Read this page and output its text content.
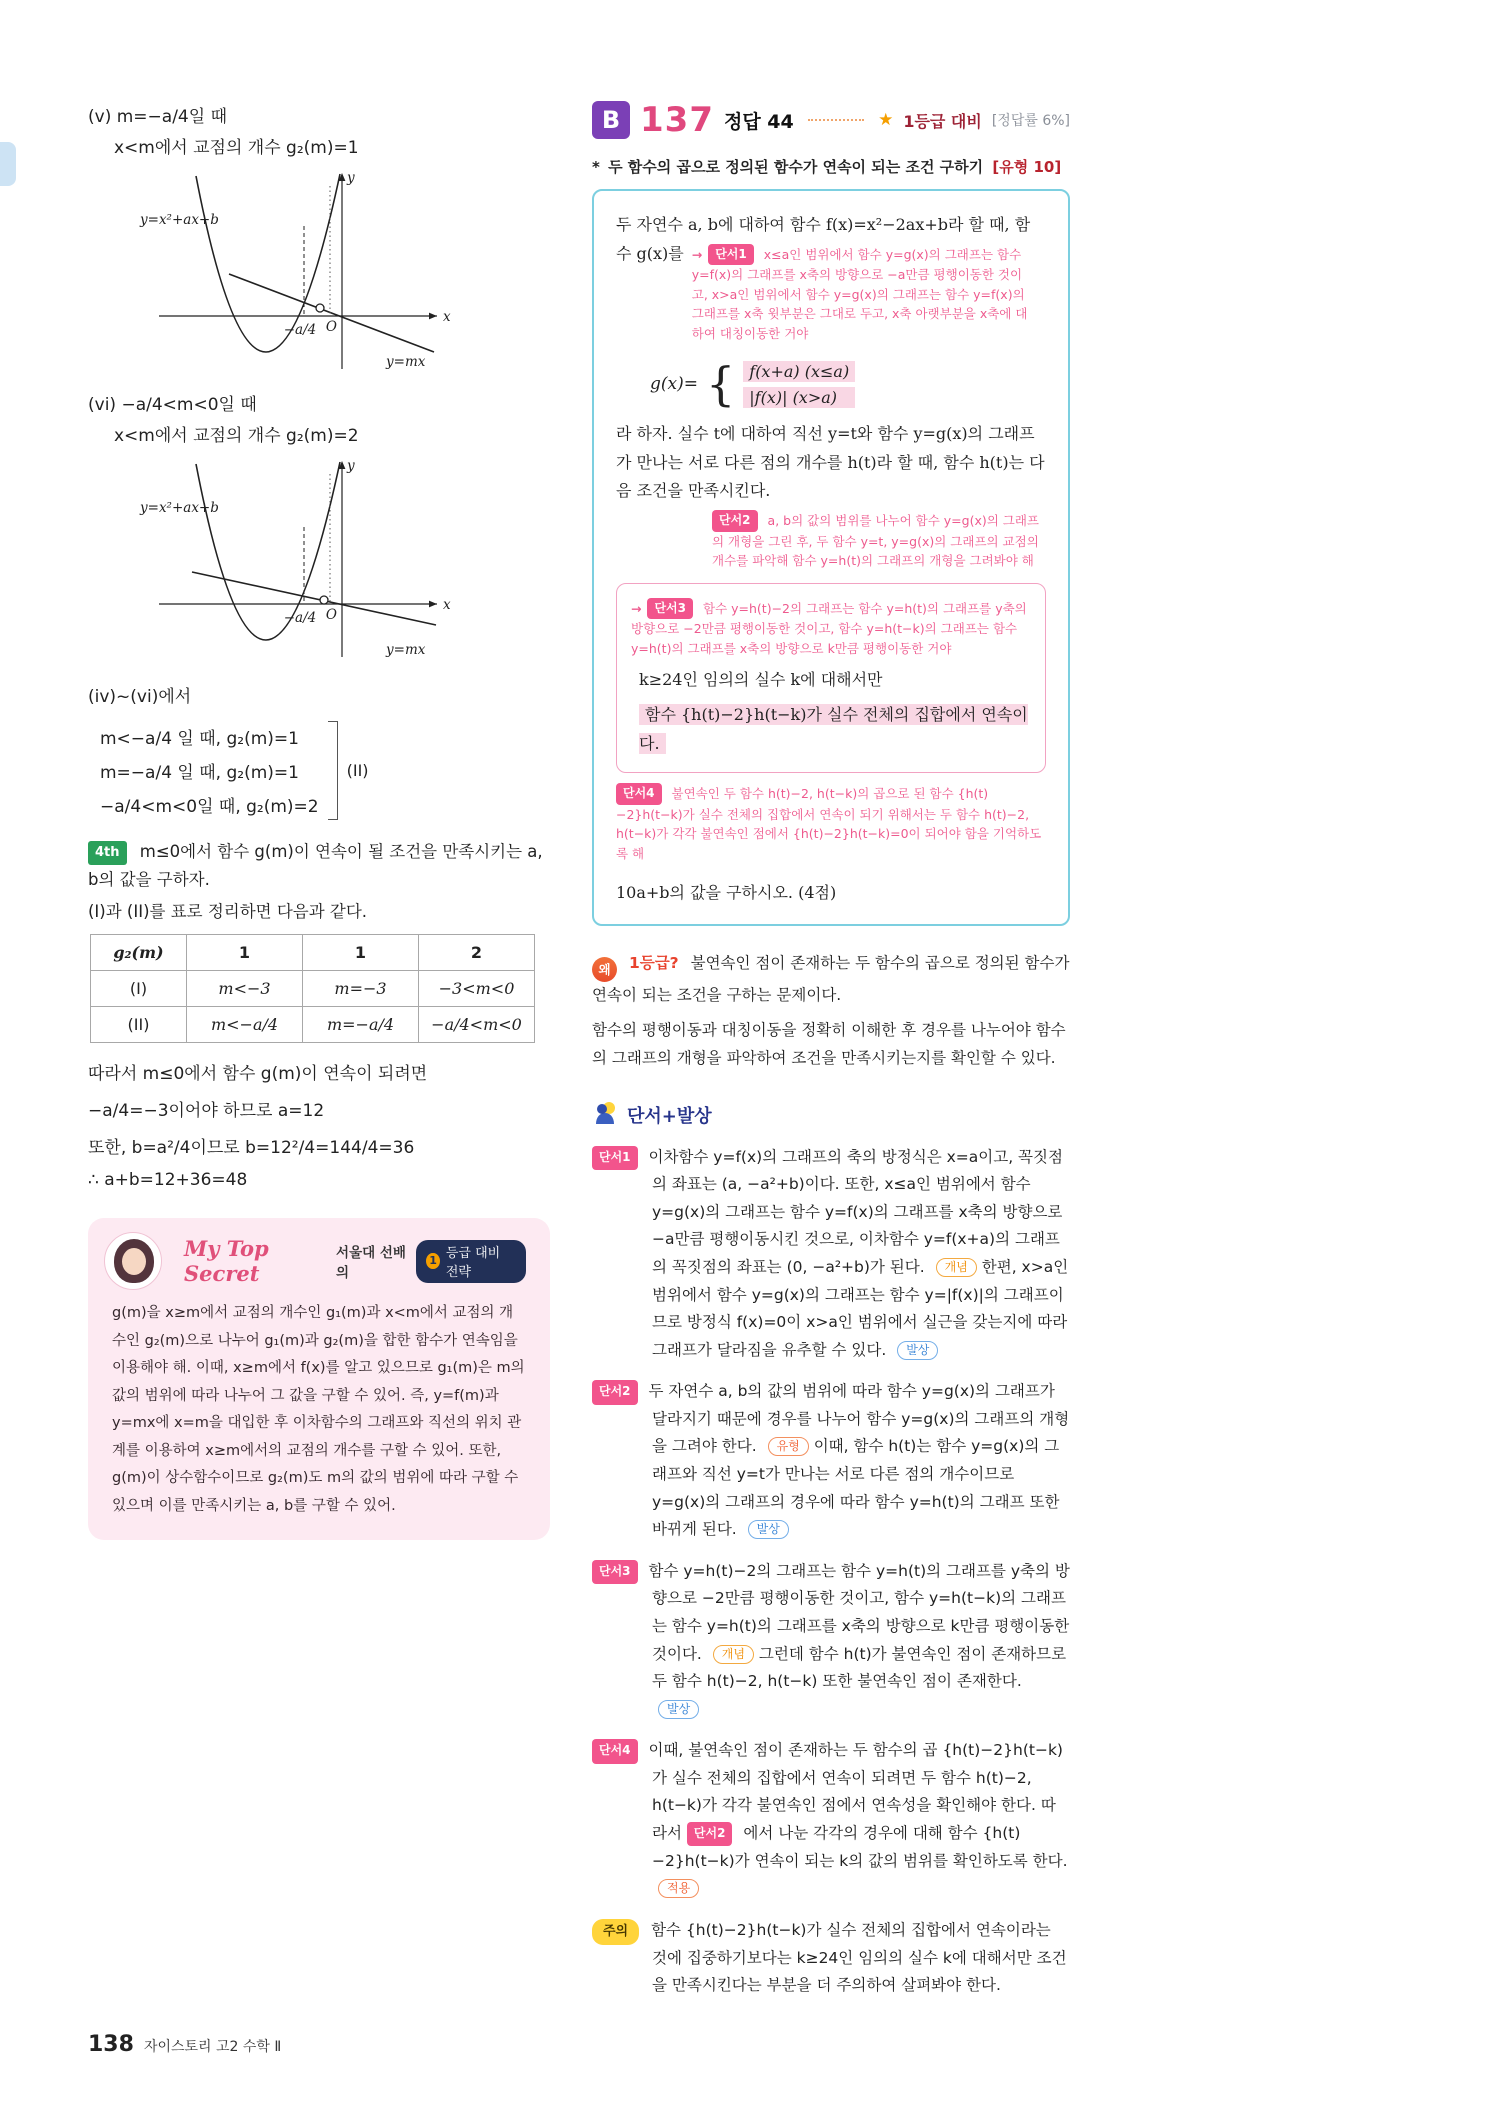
(v) m=−a/4일 때
x<m에서 교점의 개수 g₂(m)=1
y
x
O
−a/4
y=x²+ax+b
y=mx
(vi) −a/4<m<0일 때
x<m에서 교점의 개수 g₂(m)=2
y
x
O
−a/4
y=x²+ax+b
y=mx
(iv)~(vi)에서
m<−a/4 일 때, g₂(m)=1
m=−a/4 일 때, g₂(m)=1
−a/4<m<0일 때, g₂(m)=2
(II)

4th m≤0에서 함수 g(m)이 연속이 될 조건을 만족시키는 a, b의 값을 구하자.

(I)과 (II)를 표로 정리하면 다음과 같다.
g₂(m)	1	1	2
(I)	m<−3	m=−3	−3<m<0
(II)	m<−a/4	m=−a/4	−a/4<m<0
따라서 m≤0에서 함수 g(m)이 연속이 되려면
−a/4=−3이어야 하므로 a=12
또한, b=a²/4이므로 b=12²/4=144/4=36
∴ a+b=12+36=48
My Top Secret
서울대 선배의
1 등급 대비 전략

g(m)을 x≥m에서 교점의 개수인 g₁(m)과 x<m에서 교점의 개수인 g₂(m)으로 나누어 g₁(m)과 g₂(m)을 합한 함수가 연속임을 이용해야 해. 이때, x≥m에서 f(x)를 알고 있으므로 g₁(m)은 m의 값의 범위에 따라 나누어 그 값을 구할 수 있어. 즉, y=f(m)과 y=mx에 x=m을 대입한 후 이차함수의 그래프와 직선의 위치 관계를 이용하여 x≥m에서의 교점의 개수를 구할 수 있어. 또한, g(m)이 상수함수이므로 g₂(m)도 m의 값의 범위에 따라 구할 수 있으며 이를 만족시키는 a, b를 구할 수 있어.

B 137 정답 44	★ 1등급 대비 [정답률 6%]
* 두 함수의 곱으로 정의된 함수가 연속이 되는 조건 구하기 [유형 10]

두 자연수 a, b에 대하여 함수 f(x)=x²−2ax+b라 할 때, 함

수 g(x)를 → 단서1 x≤a인 범위에서 함수 y=g(x)의 그래프는 함수 y=f(x)의 그래프를 x축의 방향으로 −a만큼 평행이동한 것이고, x>a인 범위에서 함수 y=g(x)의 그래프는 함수 y=f(x)의 그래프를 x축 윗부분은 그대로 두고, x축 아랫부분을 x축에 대하여 대칭이동한 거야
g(x)= { f(x+a) (x≤a)
|f(x)| (x>a)

라 하자. 실수 t에 대하여 직선 y=t와 함수 y=g(x)의 그래프가 만나는 서로 다른 점의 개수를 h(t)라 할 때, 함수 h(t)는 다음 조건을 만족시킨다.

단서2 a, b의 값의 범위를 나누어 함수 y=g(x)의 그래프의 개형을 그린 후, 두 함수 y=t, y=g(x)의 그래프의 교점의 개수를 파악해 함수 y=h(t)의 그래프의 개형을 그려봐야 해
→ 단서3 함수 y=h(t)−2의 그래프는 함수 y=h(t)의 그래프를 y축의 방향으로 −2만큼 평행이동한 것이고, 함수 y=h(t−k)의 그래프는 함수 y=h(t)의 그래프를 x축의 방향으로 k만큼 평행이동한 거야

k≥24인 임의의 실수 k에 대해서만

함수 {h(t)−2}h(t−k)가 실수 전체의 집합에서 연속이다.

단서4 불연속인 두 함수 h(t)−2, h(t−k)의 곱으로 된 함수 {h(t)−2}h(t−k)가 실수 전체의 집합에서 연속이 되기 위해서는 두 함수 h(t)−2, h(t−k)가 각각 불연속인 점에서 {h(t)−2}h(t−k)=0이 되어야 함을 기억하도록 해

10a+b의 값을 구하시오. (4점)

왜 1등급? 불연속인 점이 존재하는 두 함수의 곱으로 정의된 함수가 연속이 되는 조건을 구하는 문제이다.

함수의 평행이동과 대칭이동을 정확히 이해한 후 경우를 나누어야 함수의 그래프의 개형을 파악하여 조건을 만족시키는지를 확인할 수 있다.

단서+발상

단서1 이차함수 y=f(x)의 그래프의 축의 방정식은 x=a이고, 꼭짓점의 좌표는 (a, −a²+b)이다. 또한, x≤a인 범위에서 함수 y=g(x)의 그래프는 함수 y=f(x)의 그래프를 x축의 방향으로 −a만큼 평행이동시킨 것으로, 이차함수 y=f(x+a)의 그래프의 꼭짓점의 좌표는 (0, −a²+b)가 된다. 개념 한편, x>a인 범위에서 함수 y=g(x)의 그래프는 함수 y=|f(x)|의 그래프이므로 방정식 f(x)=0이 x>a인 범위에서 실근을 갖는지에 따라 그래프가 달라짐을 유추할 수 있다. 발상

단서2 두 자연수 a, b의 값의 범위에 따라 함수 y=g(x)의 그래프가 달라지기 때문에 경우를 나누어 함수 y=g(x)의 그래프의 개형을 그려야 한다. 유형 이때, 함수 h(t)는 함수 y=g(x)의 그래프와 직선 y=t가 만나는 서로 다른 점의 개수이므로 y=g(x)의 그래프의 경우에 따라 함수 y=h(t)의 그래프 또한 바뀌게 된다. 발상

단서3 함수 y=h(t)−2의 그래프는 함수 y=h(t)의 그래프를 y축의 방향으로 −2만큼 평행이동한 것이고, 함수 y=h(t−k)의 그래프는 함수 y=h(t)의 그래프를 x축의 방향으로 k만큼 평행이동한 것이다. 개념 그런데 함수 h(t)가 불연속인 점이 존재하므로 두 함수 h(t)−2, h(t−k) 또한 불연속인 점이 존재한다. 발상

단서4 이때, 불연속인 점이 존재하는 두 함수의 곱 {h(t)−2}h(t−k)가 실수 전체의 집합에서 연속이 되려면 두 함수 h(t)−2, h(t−k)가 각각 불연속인 점에서 연속성을 확인해야 한다. 따라서 단서2 에서 나눈 각각의 경우에 대해 함수 {h(t)−2}h(t−k)가 연속이 되는 k의 값의 범위를 확인하도록 한다. 적용

주의 함수 {h(t)−2}h(t−k)가 실수 전체의 집합에서 연속이라는 것에 집중하기보다는 k≥24인 임의의 실수 k에 대해서만 조건을 만족시킨다는 부분을 더 주의하여 살펴봐야 한다.

138 자이스토리 고2 수학 Ⅱ
